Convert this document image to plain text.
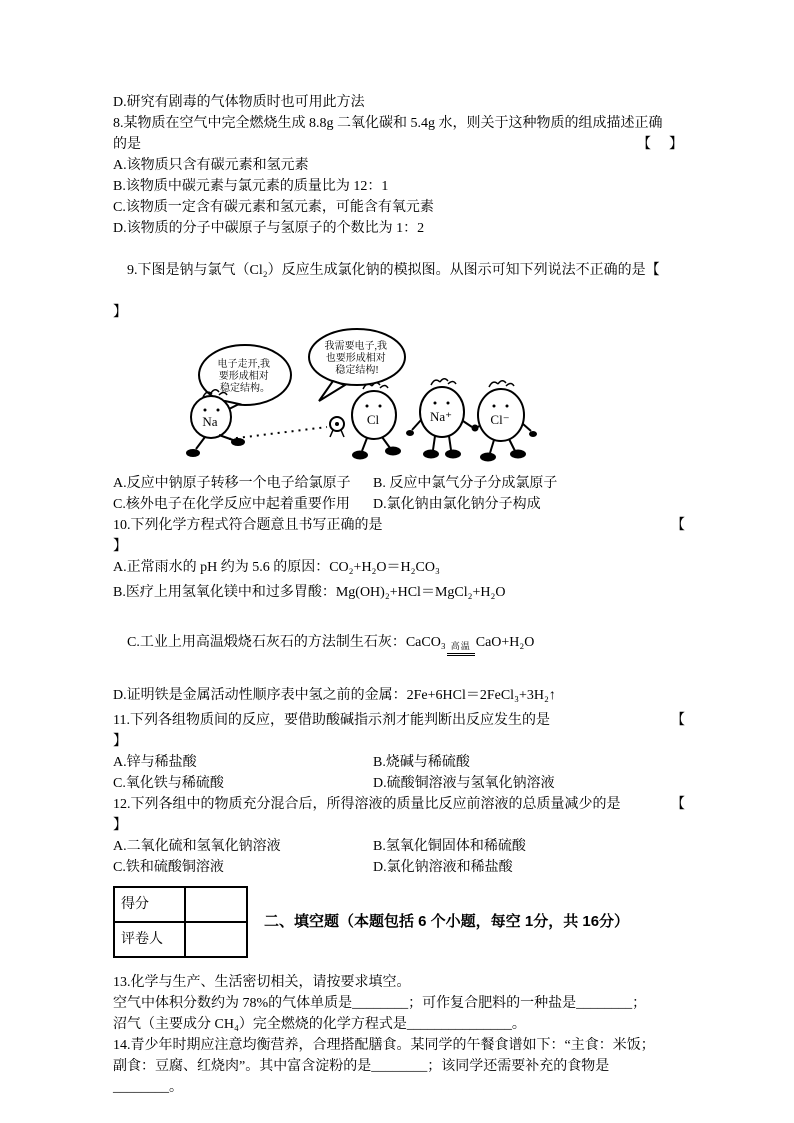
D.研究有剧毒的气体物质时也可用此方法
8.某物质在空气中完全燃烧生成 8.8g 二氧化碳和 5.4g 水，则关于这种物质的组成描述正确
的是	【　】
A.该物质只含有碳元素和氢元素
B.该物质中碳元素与氯元素的质量比为 12：1
C.该物质一定含有碳元素和氢元素，可能含有氧元素
D.该物质的分子中碳原子与氢原子的个数比为 1：2

9.下图是钠与氯气（Cl₂）反应生成氯化钠的模拟图。从图示可知下列说法不正确的是【

】
电子走开,我 要形成相对 稳定结构。
我需要电子,我 也要形成相对 稳定结构!
Na	Cl	Na⁺	Cl⁻
A.反应中钠原子转移一个电子给氯原子	B. 反应中氯气分子分成氯原子
C.核外电子在化学反应中起着重要作用	D.氯化钠由氯化钠分子构成
10.下列化学方程式符合题意且书写正确的是	【
】
A.正常雨水的 pH 约为 5.6 的原因：CO₂+H₂O＝H₂CO₃
B.医疗上用氢氧化镁中和过多胃酸：Mg(OH)₂+HCl＝MgCl₂+H₂O

C.工业上用高温煅烧石灰石的方法制生石灰：CaCO₃ 高温 CaO+H₂O

D.证明铁是金属活动性顺序表中氢之前的金属：2Fe+6HCl＝2FeCl₃+3H₂↑
11.下列各组物质间的反应，要借助酸碱指示剂才能判断出反应发生的是	【
】
A.锌与稀盐酸	B.烧碱与稀硫酸
C.氧化铁与稀硫酸	D.硫酸铜溶液与氢氧化钠溶液
12.下列各组中的物质充分混合后，所得溶液的质量比反应前溶液的总质量减少的是	【
】
A.二氧化硫和氢氧化钠溶液	B.氢氧化铜固体和稀硫酸
C.铁和硫酸铜溶液	D.氯化钠溶液和稀盐酸
得分	
评卷人	
二、填空题（本题包括 6 个小题，每空 1分，共 16分）
13.化学与生产、生活密切相关，请按要求填空。
空气中体积分数约为 78%的气体单质是________；可作复合肥料的一种盐是________；
沼气（主要成分 CH₄）完全燃烧的化学方程式是_______________。
14.青少年时期应注意均衡营养，合理搭配膳食。某同学的午餐食谱如下：“主食：米饭；
副食：豆腐、红烧肉”。其中富含淀粉的是________；该同学还需要补充的食物是
________。
